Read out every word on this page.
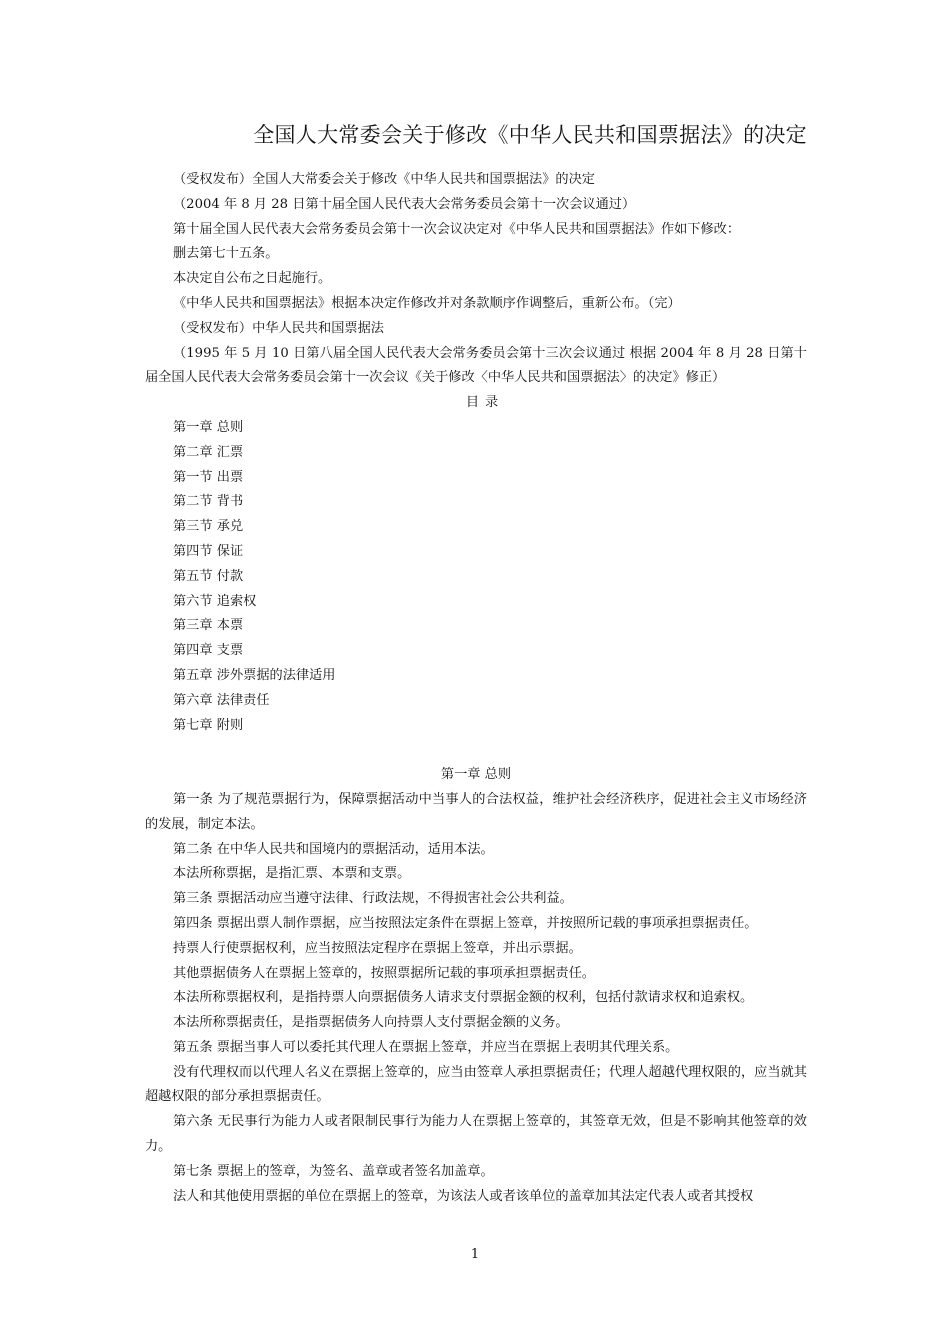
全国人大常委会关于修改《中华人民共和国票据法》的决定

（受权发布）全国人大常委会关于修改《中华人民共和国票据法》的决定

（2004 年 8 月 28 日第十届全国人民代表大会常务委员会第十一次会议通过）

第十届全国人民代表大会常务委员会第十一次会议决定对《中华人民共和国票据法》作如下修改：

删去第七十五条。

本决定自公布之日起施行。

《中华人民共和国票据法》根据本决定作修改并对条款顺序作调整后，重新公布。（完）

（受权发布）中华人民共和国票据法

（1995 年 5 月 10 日第八届全国人民代表大会常务委员会第十三次会议通过 根据 2004 年 8 月 28 日第十届全国人民代表大会常务委员会第十一次会议《关于修改〈中华人民共和国票据法〉的决定》修正）

目录

第一章 总则
第二章 汇票
第一节 出票
第二节 背书
第三节 承兑
第四节 保证
第五节 付款
第六节 追索权
第三章 本票
第四章 支票
第五章 涉外票据的法律适用
第六章 法律责任
第七章 附则

第一章 总则

第一条 为了规范票据行为，保障票据活动中当事人的合法权益，维护社会经济秩序，促进社会主义市场经济的发展，制定本法。

第二条 在中华人民共和国境内的票据活动，适用本法。

本法所称票据，是指汇票、本票和支票。

第三条 票据活动应当遵守法律、行政法规，不得损害社会公共利益。

第四条 票据出票人制作票据，应当按照法定条件在票据上签章，并按照所记载的事项承担票据责任。

持票人行使票据权利，应当按照法定程序在票据上签章，并出示票据。

其他票据债务人在票据上签章的，按照票据所记载的事项承担票据责任。

本法所称票据权利，是指持票人向票据债务人请求支付票据金额的权利，包括付款请求权和追索权。

本法所称票据责任，是指票据债务人向持票人支付票据金额的义务。

第五条 票据当事人可以委托其代理人在票据上签章，并应当在票据上表明其代理关系。

没有代理权而以代理人名义在票据上签章的，应当由签章人承担票据责任；代理人超越代理权限的，应当就其超越权限的部分承担票据责任。

第六条 无民事行为能力人或者限制民事行为能力人在票据上签章的，其签章无效，但是不影响其他签章的效力。

第七条 票据上的签章，为签名、盖章或者签名加盖章。

法人和其他使用票据的单位在票据上的签章，为该法人或者该单位的盖章加其法定代表人或者其授权

1
